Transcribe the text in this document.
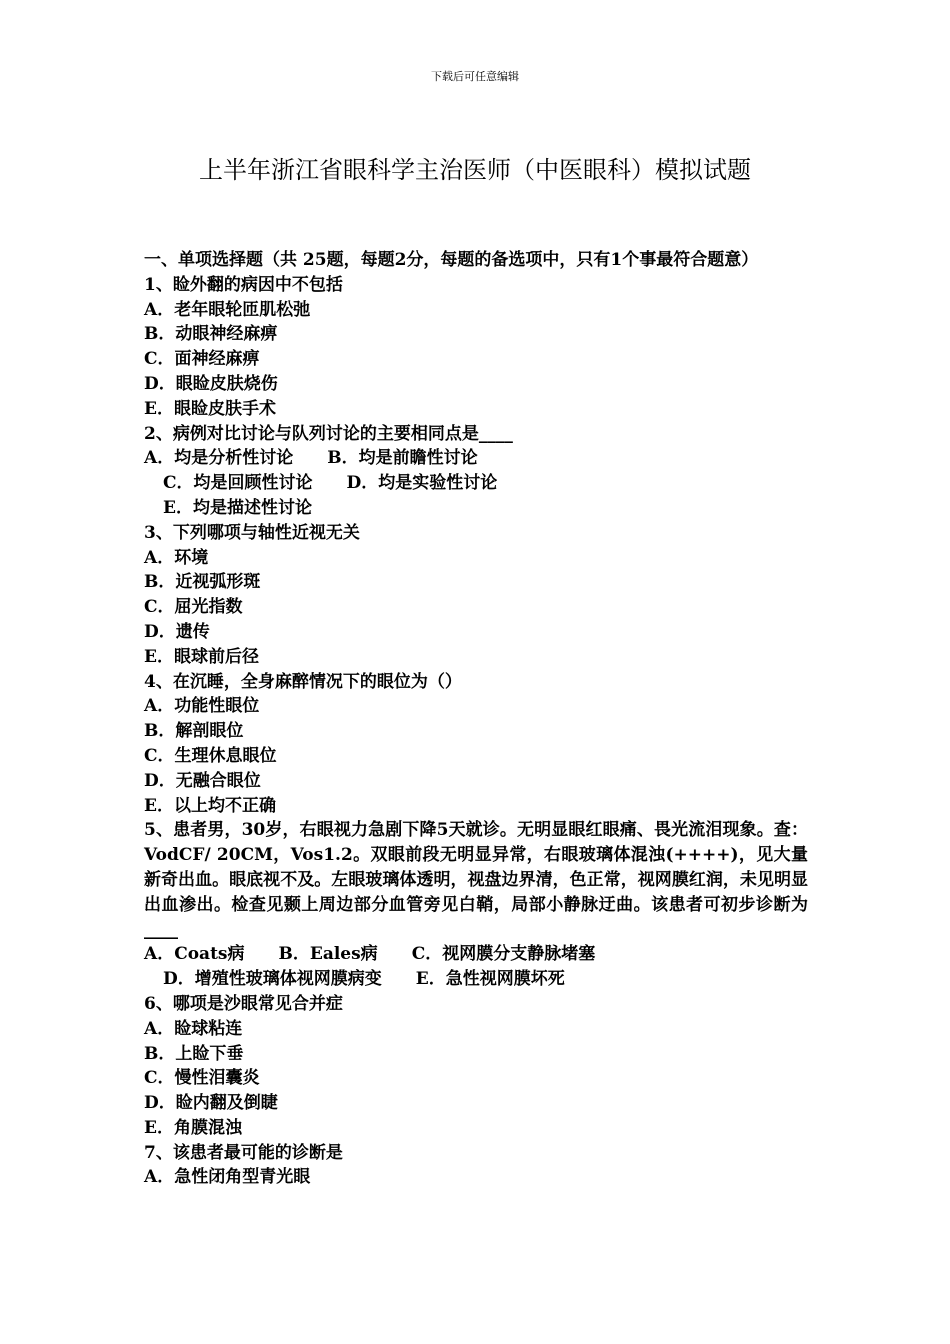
下载后可任意编辑
上半年浙江省眼科学主治医师（中医眼科）模拟试题
一、单项选择题（共 25题，每题2分，每题的备选项中，只有1个事最符合题意）
1、睑外翻的病因中不包括
A．老年眼轮匝肌松弛
B．动眼神经麻痹
C．面神经麻痹
D．眼睑皮肤烧伤
E．眼睑皮肤手术
2、病例对比讨论与队列讨论的主要相同点是____
A．均是分析性讨论 B．均是前瞻性讨论
C．均是回顾性讨论 D．均是实验性讨论
E．均是描述性讨论
3、下列哪项与轴性近视无关
A．环境
B．近视弧形斑
C．屈光指数
D．遗传
E．眼球前后径
4、在沉睡，全身麻醉情况下的眼位为（）
A．功能性眼位
B．解剖眼位
C．生理休息眼位
D．无融合眼位
E．以上均不正确
5、患者男，30岁，右眼视力急剧下降5天就诊。无明显眼红眼痛、畏光流泪现象。查：VodCF/ 20CM，Vos1.2。双眼前段无明显异常，右眼玻璃体混浊(++++)，见大量新奇出血。眼底视不及。左眼玻璃体透明，视盘边界清，色正常，视网膜红润，未见明显出血渗出。检查见颞上周边部分血管旁见白鞘，局部小静脉迂曲。该患者可初步诊断为____
A．Coats病 B．Eales病 C．视网膜分支静脉堵塞
D．增殖性玻璃体视网膜病变 E．急性视网膜坏死
6、哪项是沙眼常见合并症
A．睑球粘连
B．上睑下垂
C．慢性泪囊炎
D．睑内翻及倒睫
E．角膜混浊
7、该患者最可能的诊断是
A．急性闭角型青光眼
